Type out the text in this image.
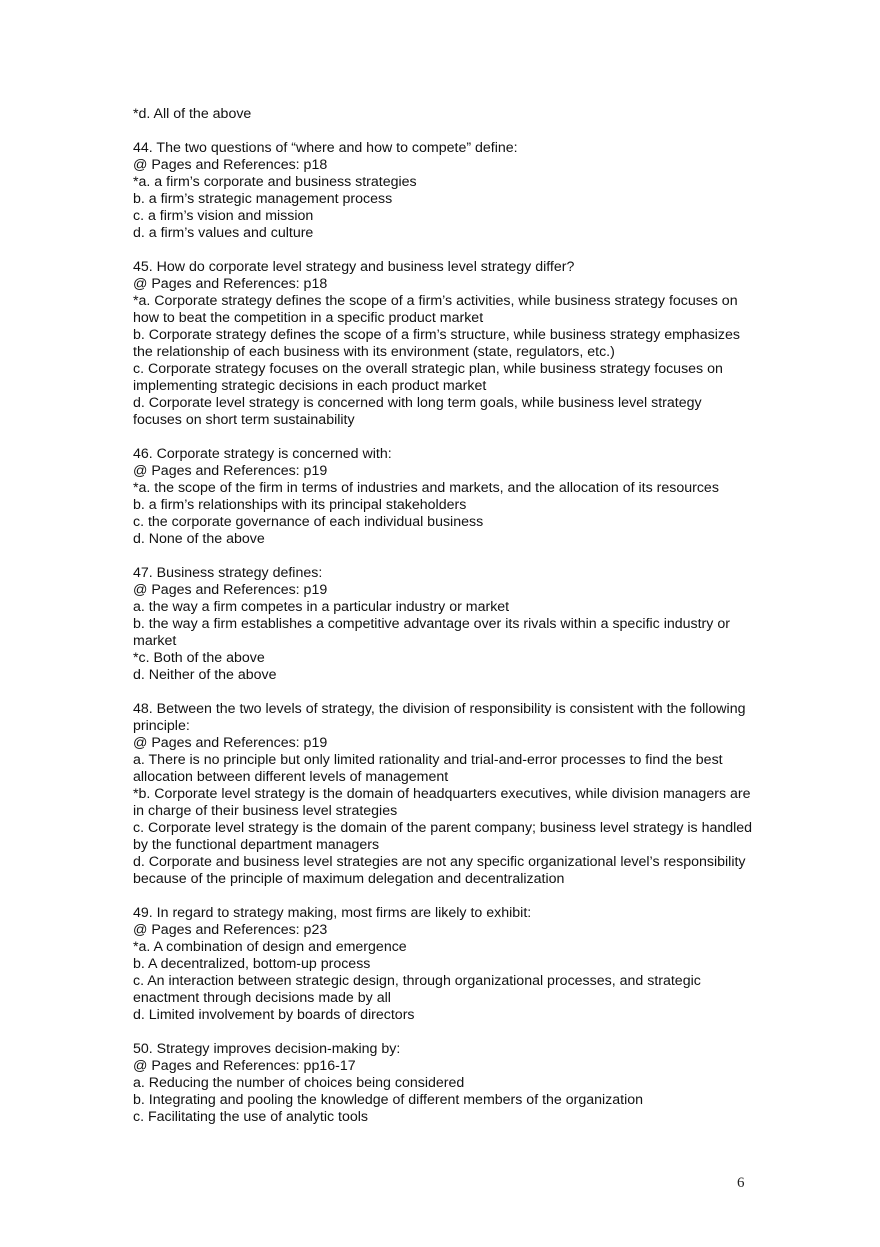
*d. All of the above
44. The two questions of “where and how to compete” define:
@ Pages and References: p18
*a. a firm’s corporate and business strategies
b. a firm’s strategic management process
c. a firm’s vision and mission
d. a firm’s values and culture
45. How do corporate level strategy and business level strategy differ?
@ Pages and References: p18
*a. Corporate strategy defines the scope of a firm’s activities, while business strategy focuses on how to beat the competition in a specific product market
b. Corporate strategy defines the scope of a firm’s structure, while business strategy emphasizes the relationship of each business with its environment (state, regulators, etc.)
c. Corporate strategy focuses on the overall strategic plan, while business strategy focuses on implementing strategic decisions in each product market
d. Corporate level strategy is concerned with long term goals, while business level strategy focuses on short term sustainability
46. Corporate strategy is concerned with:
@ Pages and References: p19
*a. the scope of the firm in terms of industries and markets, and the allocation of its resources
b. a firm’s relationships with its principal stakeholders
c. the corporate governance of each individual business
d. None of the above
47. Business strategy defines:
@ Pages and References: p19
a. the way a firm competes in a particular industry or market
b. the way a firm establishes a competitive advantage over its rivals within a specific industry or market
*c. Both of the above
d. Neither of the above
48. Between the two levels of strategy, the division of responsibility is consistent with the following principle:
@ Pages and References: p19
a. There is no principle but only limited rationality and trial-and-error processes to find the best allocation between different levels of management
*b. Corporate level strategy is the domain of headquarters executives, while division managers are in charge of their business level strategies
c. Corporate level strategy is the domain of the parent company; business level strategy is handled by the functional department managers
d. Corporate and business level strategies are not any specific organizational level’s responsibility because of the principle of maximum delegation and decentralization
49. In regard to strategy making, most firms are likely to exhibit:
@ Pages and References: p23
*a. A combination of design and emergence
b. A decentralized, bottom-up process
c. An interaction between strategic design, through organizational processes, and strategic enactment through decisions made by all
d. Limited involvement by boards of directors
50. Strategy improves decision-making by:
@ Pages and References: pp16-17
a. Reducing the number of choices being considered
b. Integrating and pooling the knowledge of different members of the organization
c. Facilitating the use of analytic tools
6
